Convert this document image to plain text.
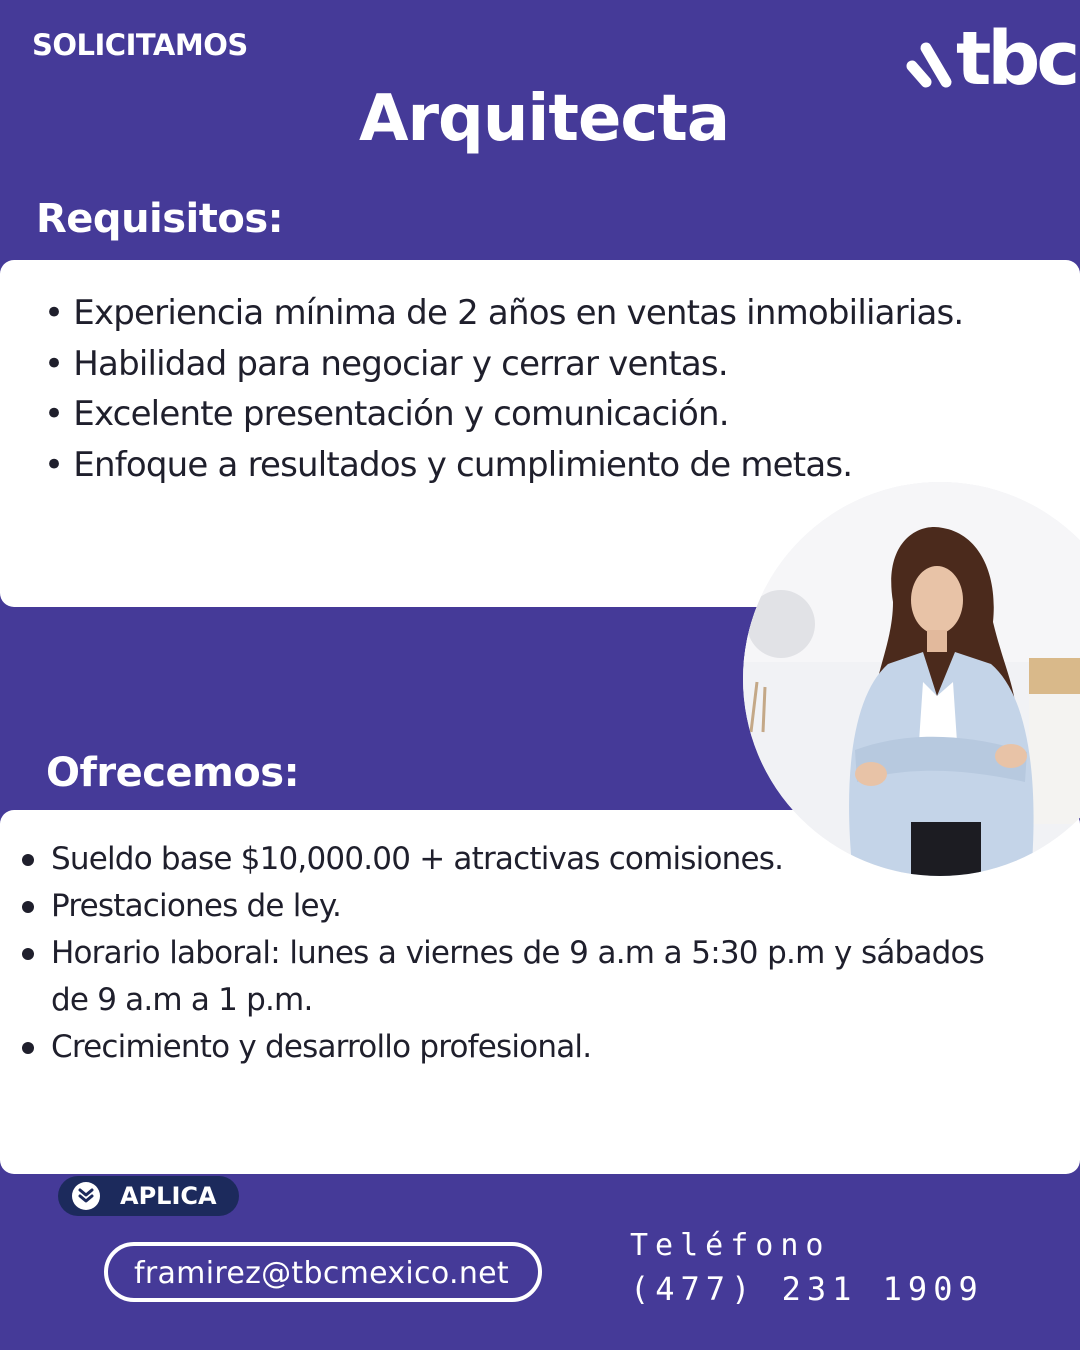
SOLICITAMOS	tbc
Arquitecta
Requisitos:
• Experiencia mínima de 2 años en ventas inmobiliarias.
• Habilidad para negociar y cerrar ventas.
• Excelente presentación y comunicación.
• Enfoque a resultados y cumplimiento de metas.
Ofrecemos:
Sueldo base $10,000.00 + atractivas comisiones.
Prestaciones de ley.
Horario laboral: lunes a viernes de 9 a.m a 5:30 p.m y sábados de 9 a.m a 1 p.m.
Crecimiento y desarrollo profesional.
APLICA
framirez@tbcmexico.net
Teléfono
(477) 231 1909
